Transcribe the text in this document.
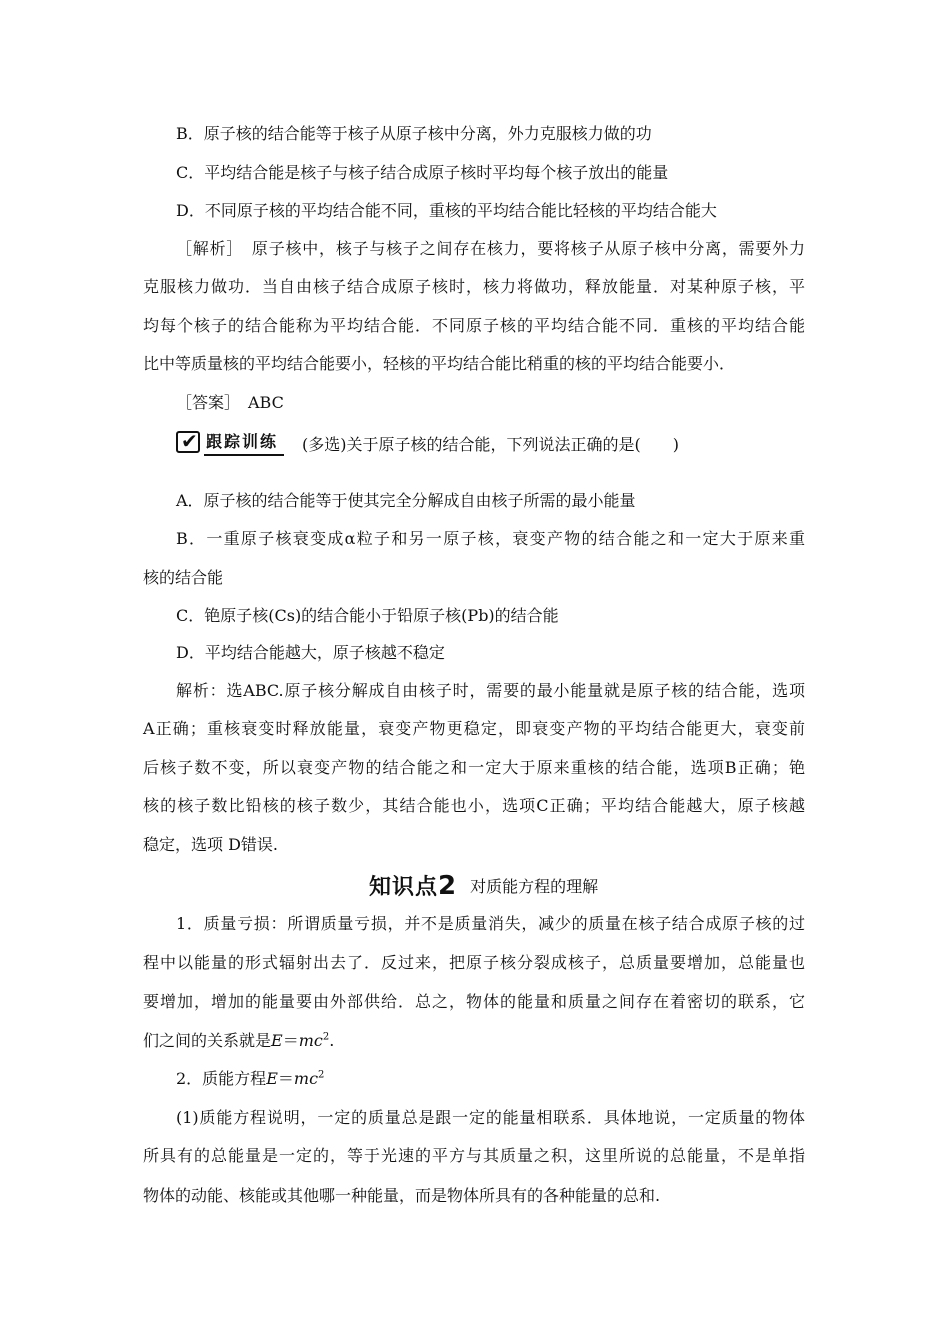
B．原子核的结合能等于核子从原子核中分离，外力克服核力做的功
C．平均结合能是核子与核子结合成原子核时平均每个核子放出的能量
D．不同原子核的平均结合能不同，重核的平均结合能比轻核的平均结合能大
［解析］　原子核中，核子与核子之间存在核力，要将核子从原子核中分离，需要外力
克服核力做功．当自由核子结合成原子核时，核力将做功，释放能量．对某种原子核，平
均每个核子的结合能称为平均结合能．不同原子核的平均结合能不同．重核的平均结合能
比中等质量核的平均结合能要小，轻核的平均结合能比稍重的核的平均结合能要小．
［答案］　ABC
✔ 跟踪训练 (多选)关于原子核的结合能，下列说法正确的是(　　)
A．原子核的结合能等于使其完全分解成自由核子所需的最小能量
B．一重原子核衰变成α粒子和另一原子核，衰变产物的结合能之和一定大于原来重
核的结合能
C．铯原子核(Cs)的结合能小于铅原子核(Pb)的结合能
D．平均结合能越大，原子核越不稳定
解析：选ABC.原子核分解成自由核子时，需要的最小能量就是原子核的结合能，选项
A正确；重核衰变时释放能量，衰变产物更稳定，即衰变产物的平均结合能更大，衰变前
后核子数不变，所以衰变产物的结合能之和一定大于原来重核的结合能，选项B正确；铯
核的核子数比铅核的核子数少，其结合能也小，选项C正确；平均结合能越大，原子核越
稳定，选项 D错误.
知识点2 对质能方程的理解
1．质量亏损：所谓质量亏损，并不是质量消失，减少的质量在核子结合成原子核的过
程中以能量的形式辐射出去了．反过来，把原子核分裂成核子，总质量要增加，总能量也
要增加，增加的能量要由外部供给．总之，物体的能量和质量之间存在着密切的联系，它
们之间的关系就是$E=mc^2$.
2．质能方程$E=mc^2$
(1)质能方程说明，一定的质量总是跟一定的能量相联系．具体地说，一定质量的物体
所具有的总能量是一定的，等于光速的平方与其质量之积，这里所说的总能量，不是单指
物体的动能、核能或其他哪一种能量，而是物体所具有的各种能量的总和.
